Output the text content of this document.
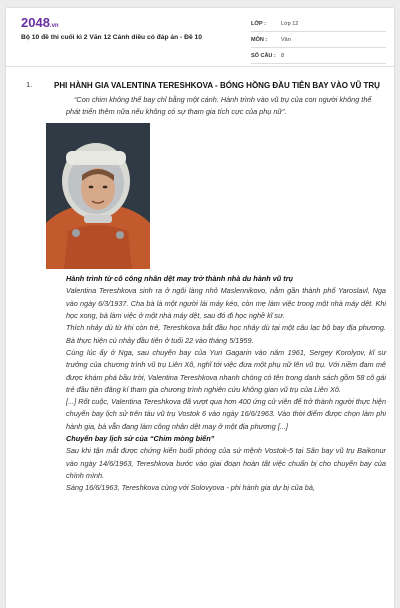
2048.vn
Bộ 10 đề thi cuối kì 2 Văn 12 Cánh diều có đáp án - Đề 10
LỚP :	Lớp 12
MÔN :	Văn
SỐ CÂU : 8
1.	PHI HÀNH GIA VALENTINA TERESHKOVA - BÓNG HỒNG ĐẦU TIÊN BAY VÀO VŨ TRỤ
“Con chim không thể bay chỉ bằng một cánh. Hành trình vào vũ trụ của con người không thể phát triển thêm nữa nếu không có sự tham gia tích cực của phụ nữ”.

Hành trình từ cô công nhân dệt may trở thành nhà du hành vũ trụ

Valentina Tereshkova sinh ra ở ngôi làng nhỏ Maslennikovo, nằm gần thành phố Yaroslavl, Nga vào ngày 6/3/1937. Cha bà là một người lái máy kéo, còn mẹ làm việc trong một nhà máy dệt. Khi học xong, bà làm việc ở một nhà máy dệt, sau đó đi học nghề kĩ sư.

Thích nhảy dù từ khi còn trẻ, Tereshkova bắt đầu học nhảy dù tại một câu lạc bộ bay địa phương. Bà thực hiện cú nhảy đầu tiên ở tuổi 22 vào tháng 5/1959.

Cùng lúc ấy ở Nga, sau chuyến bay của Yuri Gagarin vào năm 1961, Sergey Korolyov, kĩ sư trưởng của chương trình vũ trụ Liên Xô, nghĩ tới việc đưa một phụ nữ lên vũ trụ. Với niềm đam mê được khám phá bầu trời, Valentina Tereshkova nhanh chóng có tên trong danh sách gồm 58 cô gái trẻ đầu tiên đăng kí tham gia chương trình nghiên cứu không gian vũ trụ của Liên Xô.

[...] Rốt cuộc, Valentina Tereshkova đã vượt qua hơn 400 ứng cử viên để trở thành người thực hiện chuyến bay lịch sử trên tàu vũ trụ Vostok 6 vào ngày 16/6/1963. Vào thời điểm được chọn làm phi hành gia, bà vẫn đang làm công nhân dệt may ở một địa phương [...]

Chuyến bay lịch sử của “Chim mòng biển”

Sau khi tận mắt được chứng kiến buổi phóng của sứ mệnh Vostok-5 tại Sân bay vũ trụ Baikonur vào ngày 14/6/1963, Tereshkova bước vào giai đoạn hoàn tất việc chuẩn bị cho chuyến bay của chính mình.

Sáng 16/6/1963, Tereshkova cùng với Solovyova - phi hành gia dự bị của bà,
